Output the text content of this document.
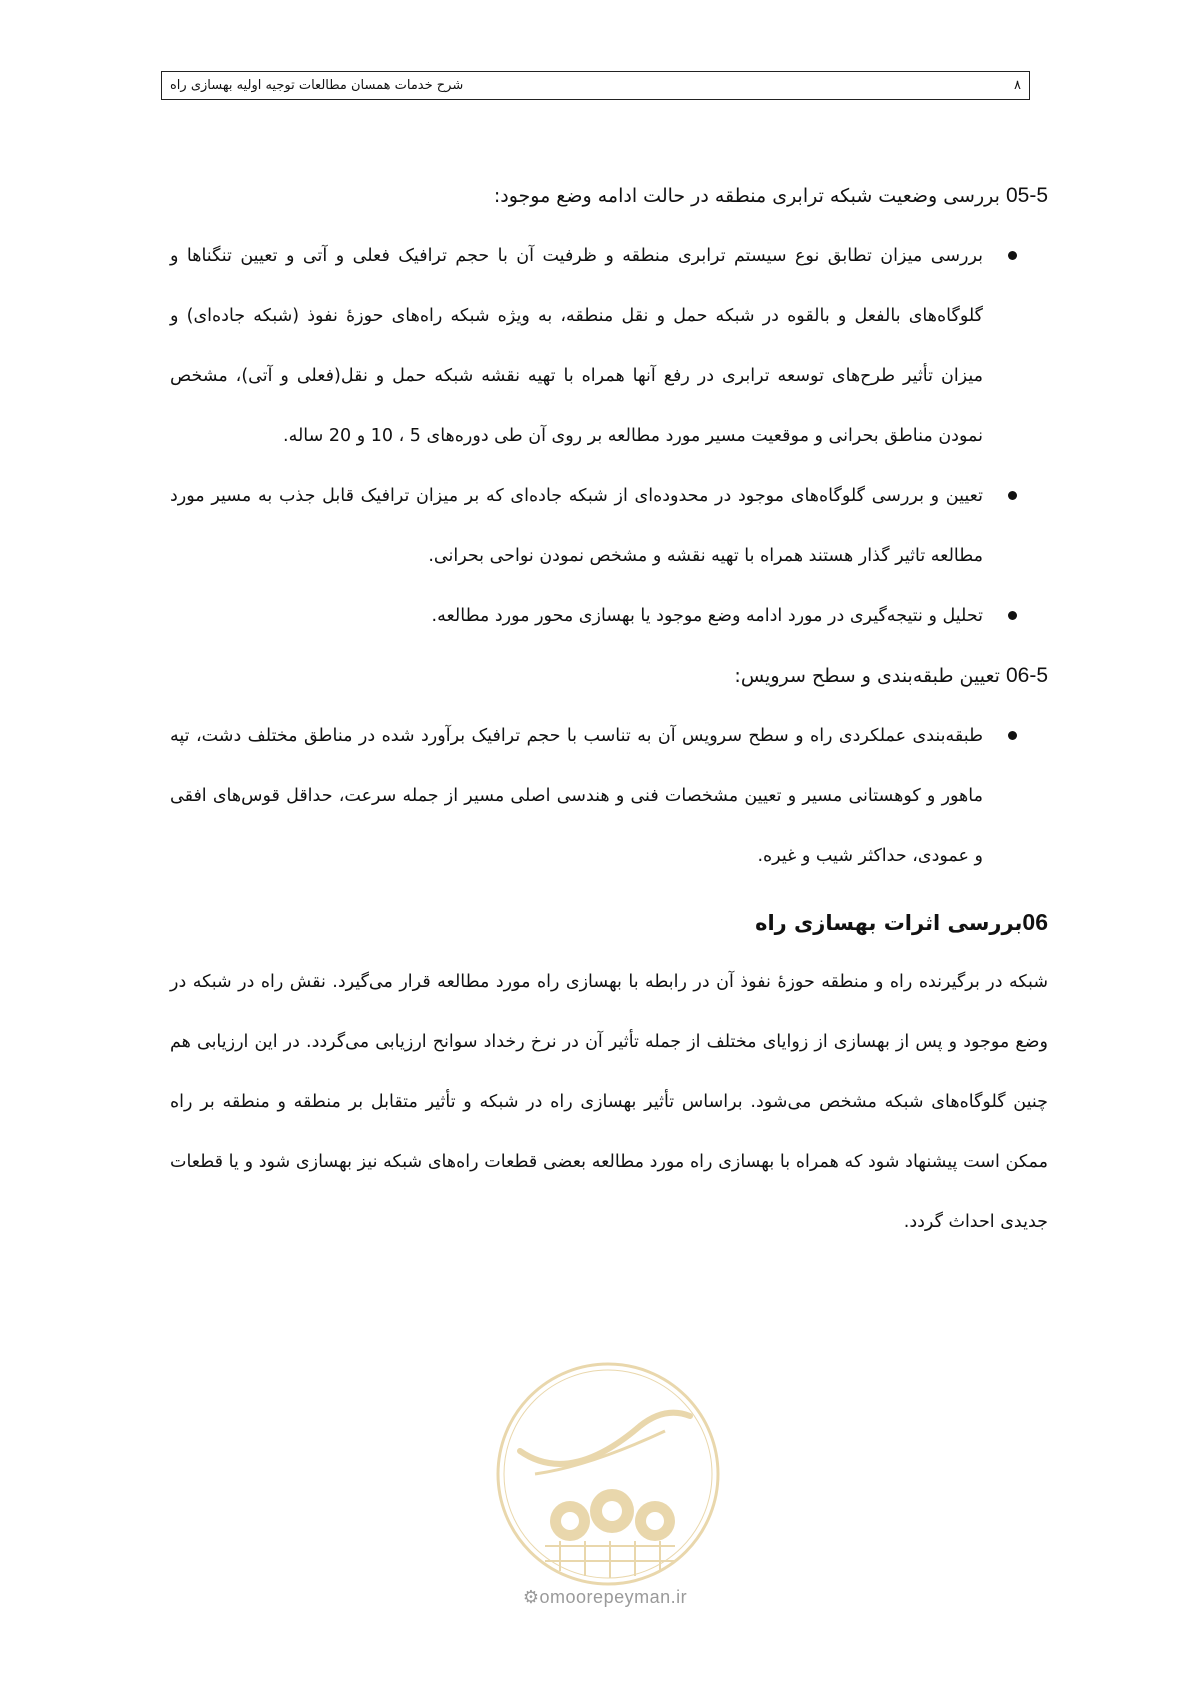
شرح خدمات همسان مطالعات توجیه اولیه بهسازی راه	۸

05-5 بررسی وضعیت شبکه ترابری منطقه در حالت ادامه وضع موجود:

بررسی میزان تطابق نوع سیستم ترابری منطقه و ظرفیت آن با حجم ترافیک فعلی و آتی و تعیین تنگناها و گلوگاه‌های بالفعل و بالقوه در شبکه حمل و نقل منطقه، به ویژه شبکه راه‌های حوزۀ نفوذ (شبکه جاده‌ای) و میزان تأثیر طرح‌های توسعه ترابری در رفع آنها همراه با تهیه نقشه شبکه حمل و نقل(فعلی و آتی)، مشخص نمودن مناطق بحرانی و موقعیت مسیر مورد مطالعه بر روی آن طی دوره‌های 5 ، 10 و 20 ساله.
تعیین و بررسی گلوگاه‌های موجود در محدوده‌ای از شبکه جاده‌ای که بر میزان ترافیک قابل جذب به مسیر مورد مطالعه تاثیر گذار هستند همراه با تهیه نقشه و مشخص نمودن نواحی بحرانی.
تحلیل و نتیجه‌گیری در مورد ادامه وضع موجود یا بهسازی محور مورد مطالعه.

06-5 تعیین طبقه‌بندی و سطح سرویس:

طبقه‌بندی عملکردی راه و سطح سرویس آن به تناسب با حجم ترافیک برآورد شده در مناطق مختلف دشت، تپه ماهور و کوهستانی مسیر و تعیین مشخصات فنی و هندسی اصلی مسیر از جمله سرعت، حداقل قوس‌های افقی و عمودی، حداکثر شیب و غیره.

06بررسی اثرات بهسازی راه

شبکه در برگیرنده راه و منطقه حوزۀ نفوذ آن در رابطه با بهسازی راه مورد مطالعه قرار می‌گیرد. نقش راه در شبکه در وضع موجود و پس از بهسازی از زوایای مختلف از جمله تأثیر آن در نرخ رخداد سوانح ارزیابی می‌گردد. در این ارزیابی هم چنین گلوگاه‌های شبکه مشخص می‌شود. براساس تأثیر بهسازی راه در شبکه و تأثیر متقابل بر منطقه و منطقه بر راه ممکن است پیشنهاد شود که همراه با بهسازی راه مورد مطالعه بعضی قطعات راه‌های شبکه نیز بهسازی شود و یا قطعات جدیدی احداث گردد.

⚙omoorepeyman.ir
